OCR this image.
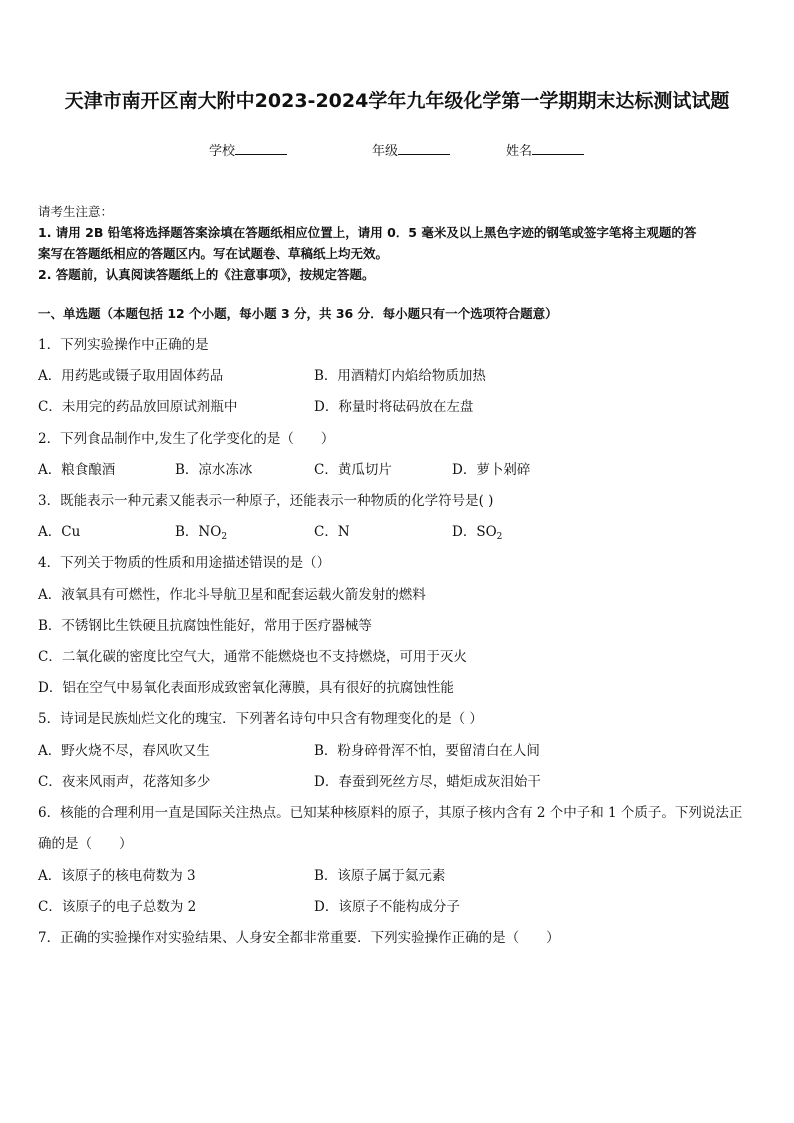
天津市南开区南大附中2023-2024学年九年级化学第一学期期末达标测试试题
学校	年级	姓名
请考生注意：
1. 请用 2B 铅笔将选择题答案涂填在答题纸相应位置上，请用 0．5 毫米及以上黑色字迹的钢笔或签字笔将主观题的答
案写在答题纸相应的答题区内。写在试题卷、草稿纸上均无效。
2. 答题前，认真阅读答题纸上的《注意事项》，按规定答题。
一、单选题（本题包括 12 个小题，每小题 3 分，共 36 分．每小题只有一个选项符合题意）
1．下列实验操作中正确的是
A．用药匙或镊子取用固体药品	B．用酒精灯内焰给物质加热
C．未用完的药品放回原试剂瓶中	D．称量时将砝码放在左盘
2．下列食品制作中,发生了化学变化的是（　　）
A．粮食酿酒	B．凉水冻冰	C．黄瓜切片	D．萝卜剁碎
3．既能表示一种元素又能表示一种原子，还能表示一种物质的化学符号是( )
A．Cu	B．$NO_2$	C．N	D．$SO_2$
4．下列关于物质的性质和用途描述错误的是（）
A．液氧具有可燃性，作北斗导航卫星和配套运载火箭发射的燃料
B．不锈钢比生铁硬且抗腐蚀性能好，常用于医疗器械等
C．二氧化碳的密度比空气大，通常不能燃烧也不支持燃烧，可用于灭火
D．铝在空气中易氧化表面形成致密氧化薄膜，具有很好的抗腐蚀性能
5．诗词是民族灿烂文化的瑰宝．下列著名诗句中只含有物理变化的是（ ）
A．野火烧不尽，春风吹又生	B．粉身碎骨浑不怕，要留清白在人间
C．夜来风雨声，花落知多少	D．春蚕到死丝方尽，蜡炬成灰泪始干
6．核能的合理利用一直是国际关注热点。已知某种核原料的原子，其原子核内含有 2 个中子和 1 个质子。下列说法正
确的是（　　）
A．该原子的核电荷数为 3	B．该原子属于氦元素
C．该原子的电子总数为 2	D．该原子不能构成分子
7．正确的实验操作对实验结果、人身安全都非常重要．下列实验操作正确的是（　　）
